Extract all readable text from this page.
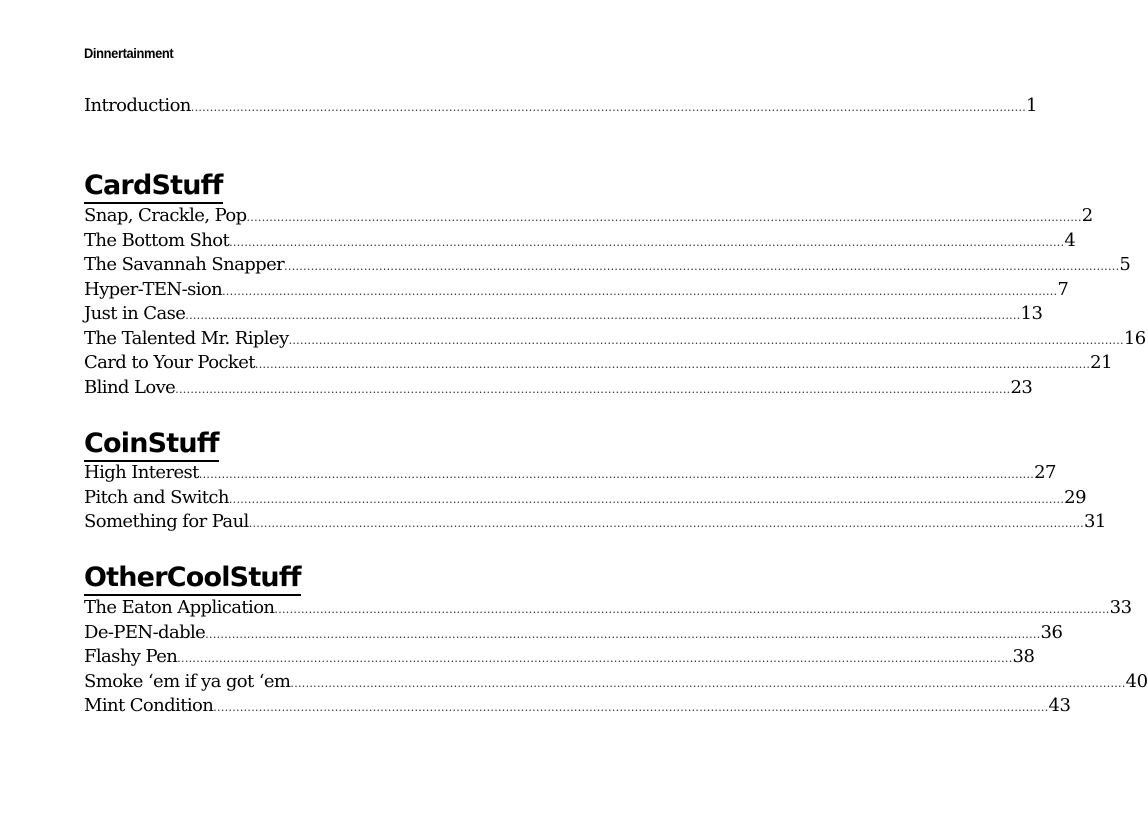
Dinnertainment
Introduction ............................................................................................................................................................................................................................ 1
CardStuff
Snap, Crackle, Pop ............................................................................................................................................................................................................................ 2
The Bottom Shot ............................................................................................................................................................................................................................ 4
The Savannah Snapper ............................................................................................................................................................................................................................ 5
Hyper-TEN-sion ............................................................................................................................................................................................................................ 7
Just in Case ............................................................................................................................................................................................................................ 13
The Talented Mr. Ripley ............................................................................................................................................................................................................................ 16
Card to Your Pocket ............................................................................................................................................................................................................................ 21
Blind Love ............................................................................................................................................................................................................................ 23
CoinStuff
High Interest ............................................................................................................................................................................................................................ 27
Pitch and Switch ............................................................................................................................................................................................................................ 29
Something for Paul ............................................................................................................................................................................................................................ 31
OtherCoolStuff
The Eaton Application ............................................................................................................................................................................................................................ 33
De-PEN-dable ............................................................................................................................................................................................................................ 36
Flashy Pen ............................................................................................................................................................................................................................ 38
Smoke ‘em if ya got ‘em ............................................................................................................................................................................................................................ 40
Mint Condition ............................................................................................................................................................................................................................ 43
